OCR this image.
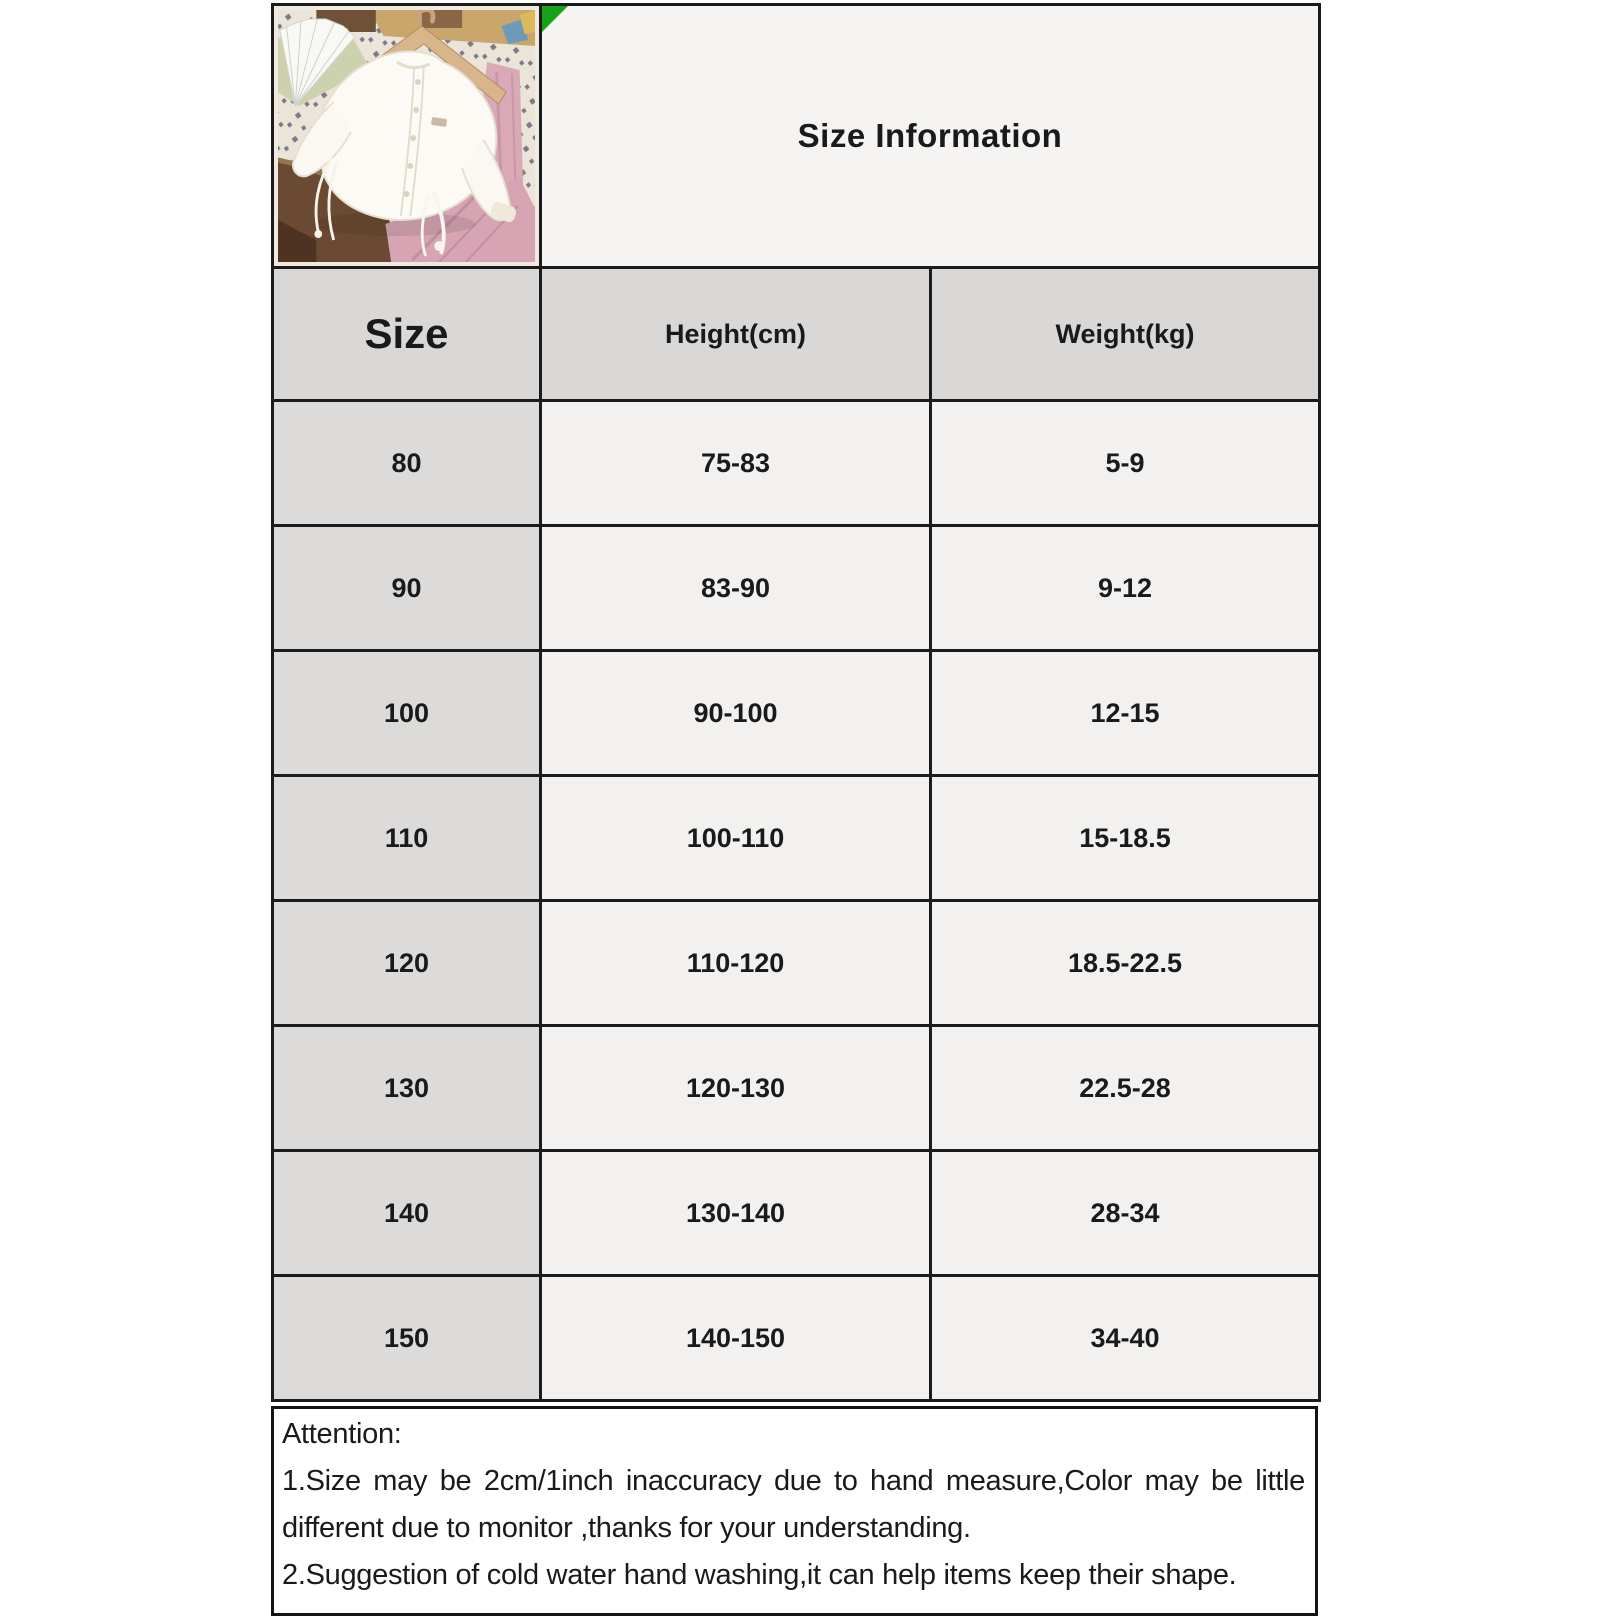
Size Information	
Size	Height(cm)	Weight(kg)
80	75-83	5-9
90	83-90	9-12
100	90-100	12-15
110	100-110	15-18.5
120	110-120	18.5-22.5
130	120-130	22.5-28
140	130-140	28-34
150	140-150	34-40
Attention:

1.Size may be 2cm/1inch inaccuracy due to hand measure,Color may be little different due to monitor ,thanks for your understanding.

2.Suggestion of cold water hand washing,it can help items keep their shape.
